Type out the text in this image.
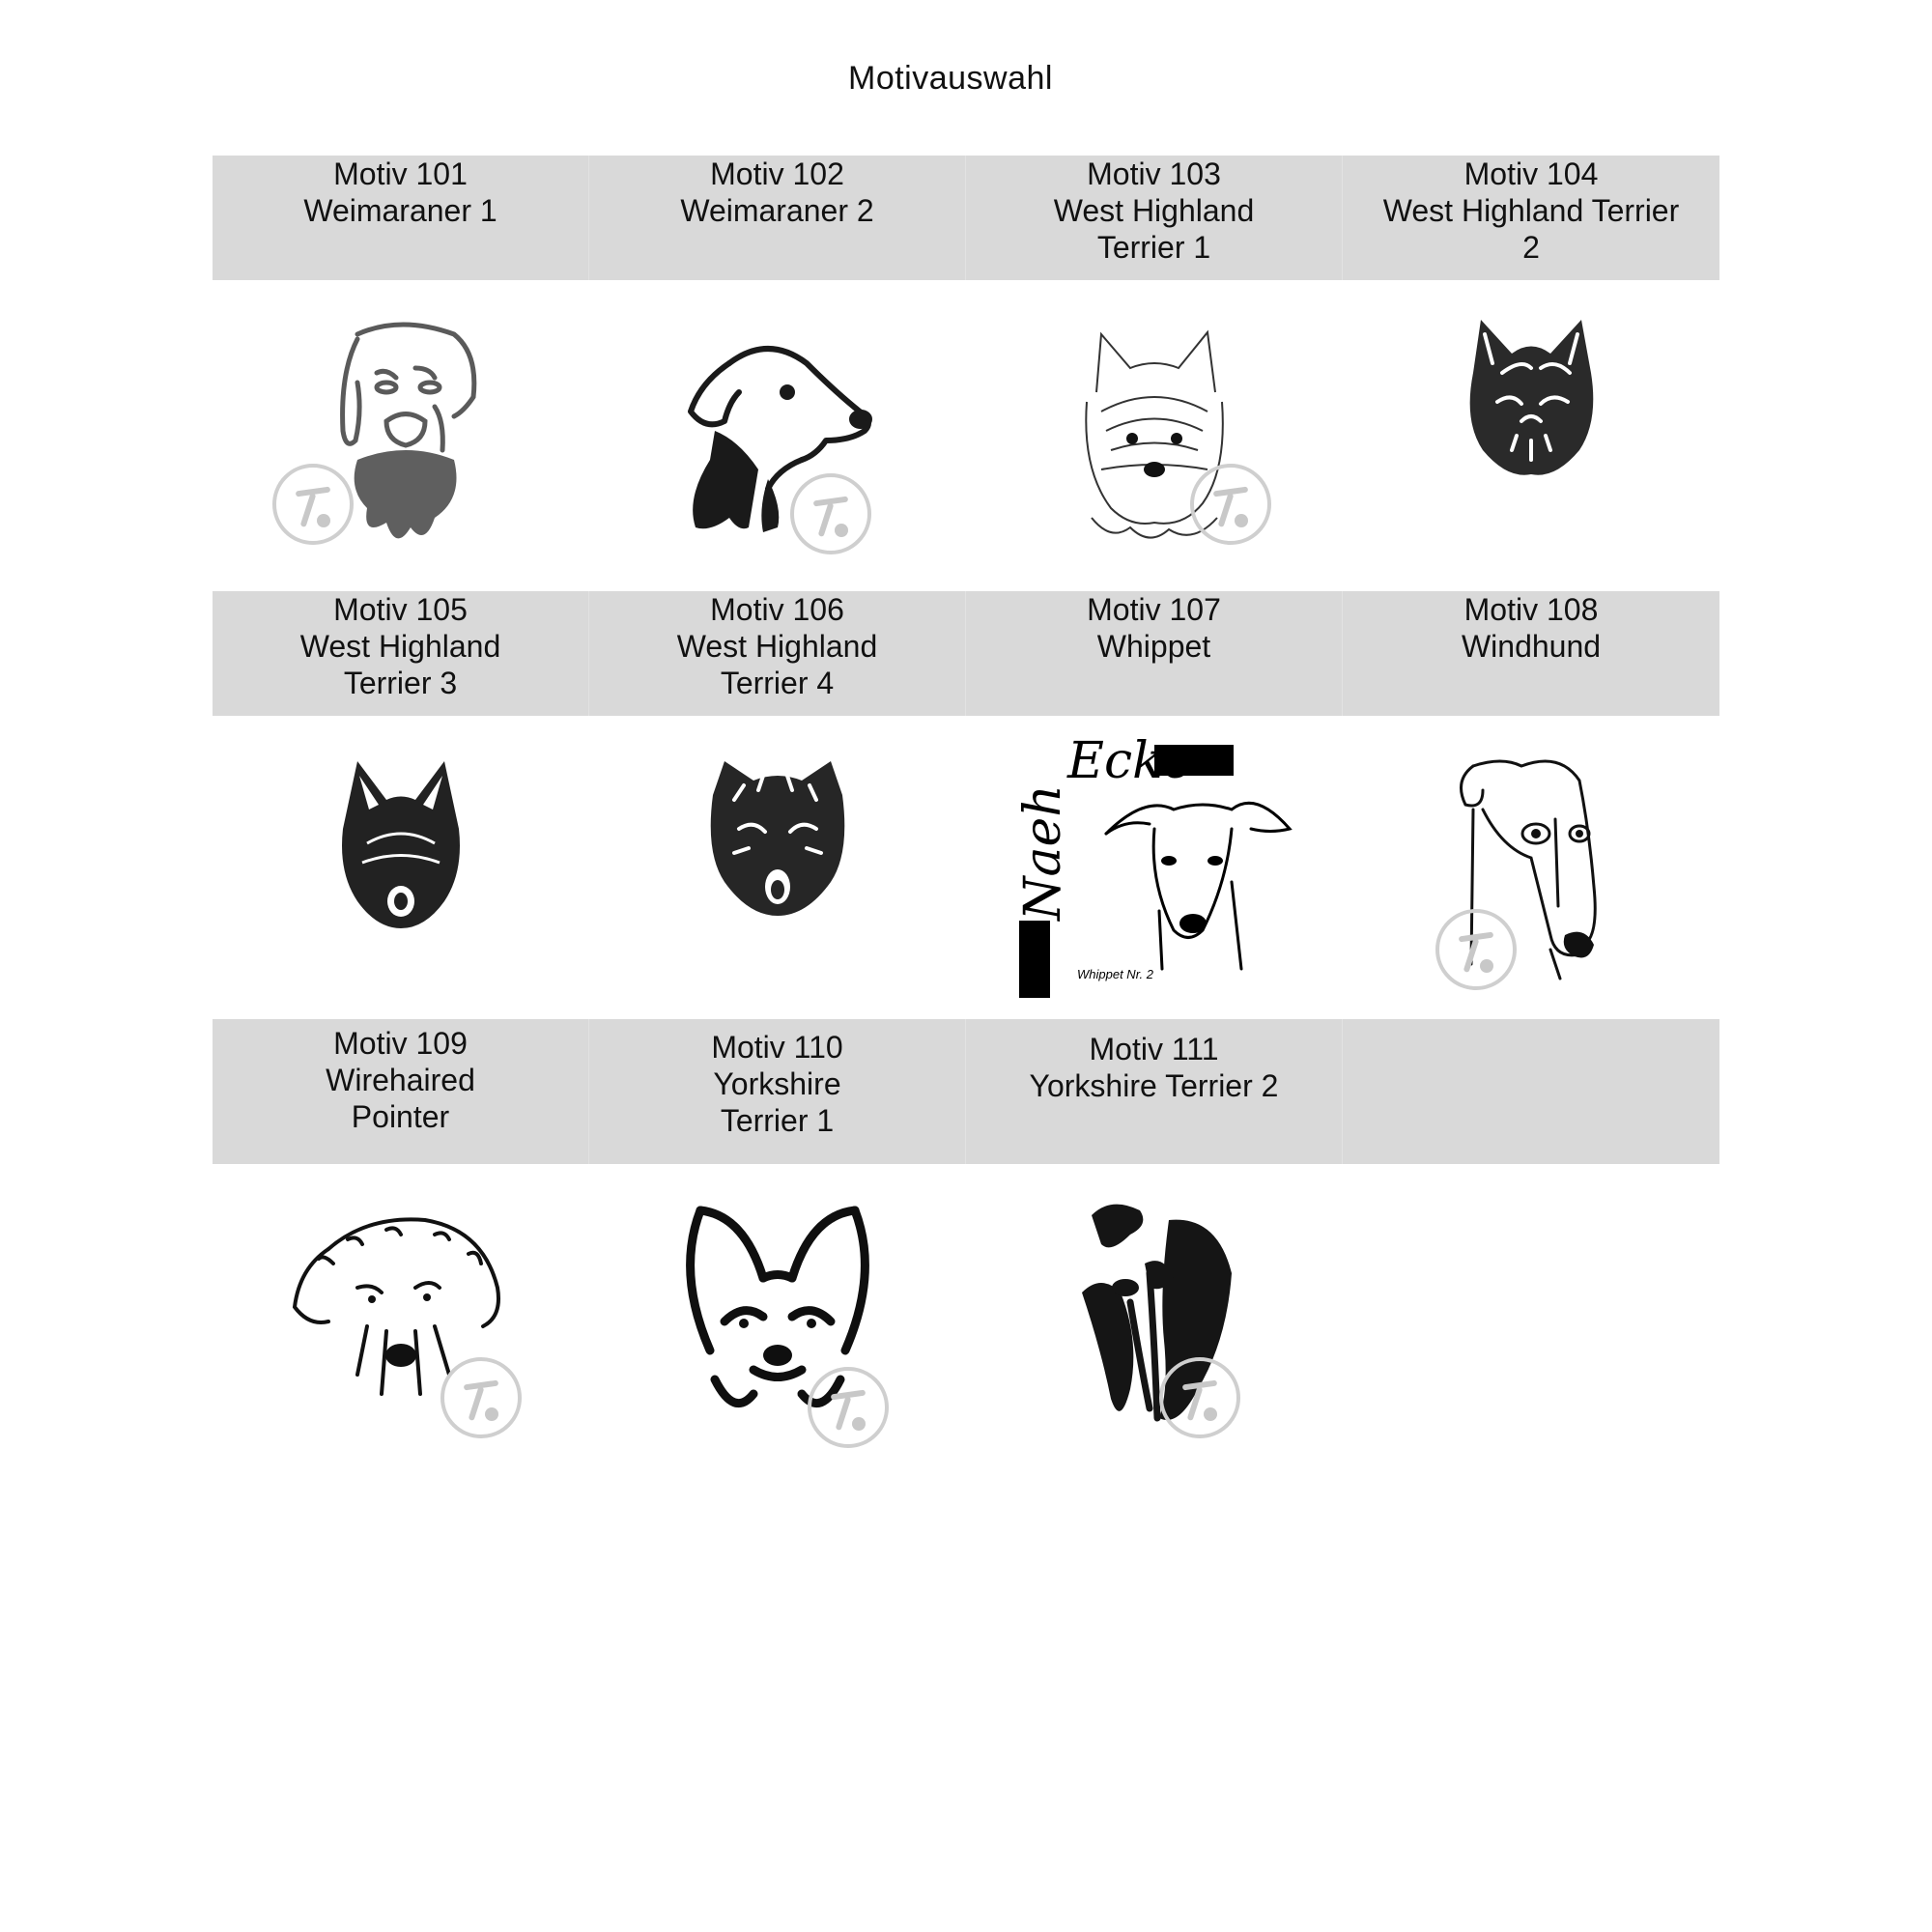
Motivauswahl
Motiv 101
Weimaraner 1
Motiv 102
Weimaraner 2
Motiv 103
West Highland
Terrier 1
Motiv 104
West Highland Terrier
2
Motiv 105
West Highland
Terrier 3
Motiv 106
West Highland
Terrier 4
Motiv 107
Whippet
Motiv 108
Windhund
Ecke
Naeh
Whippet Nr. 2
Motiv 109
Wirehaired
Pointer
Motiv 110
Yorkshire
Terrier 1
Motiv 111
Yorkshire Terrier 2
